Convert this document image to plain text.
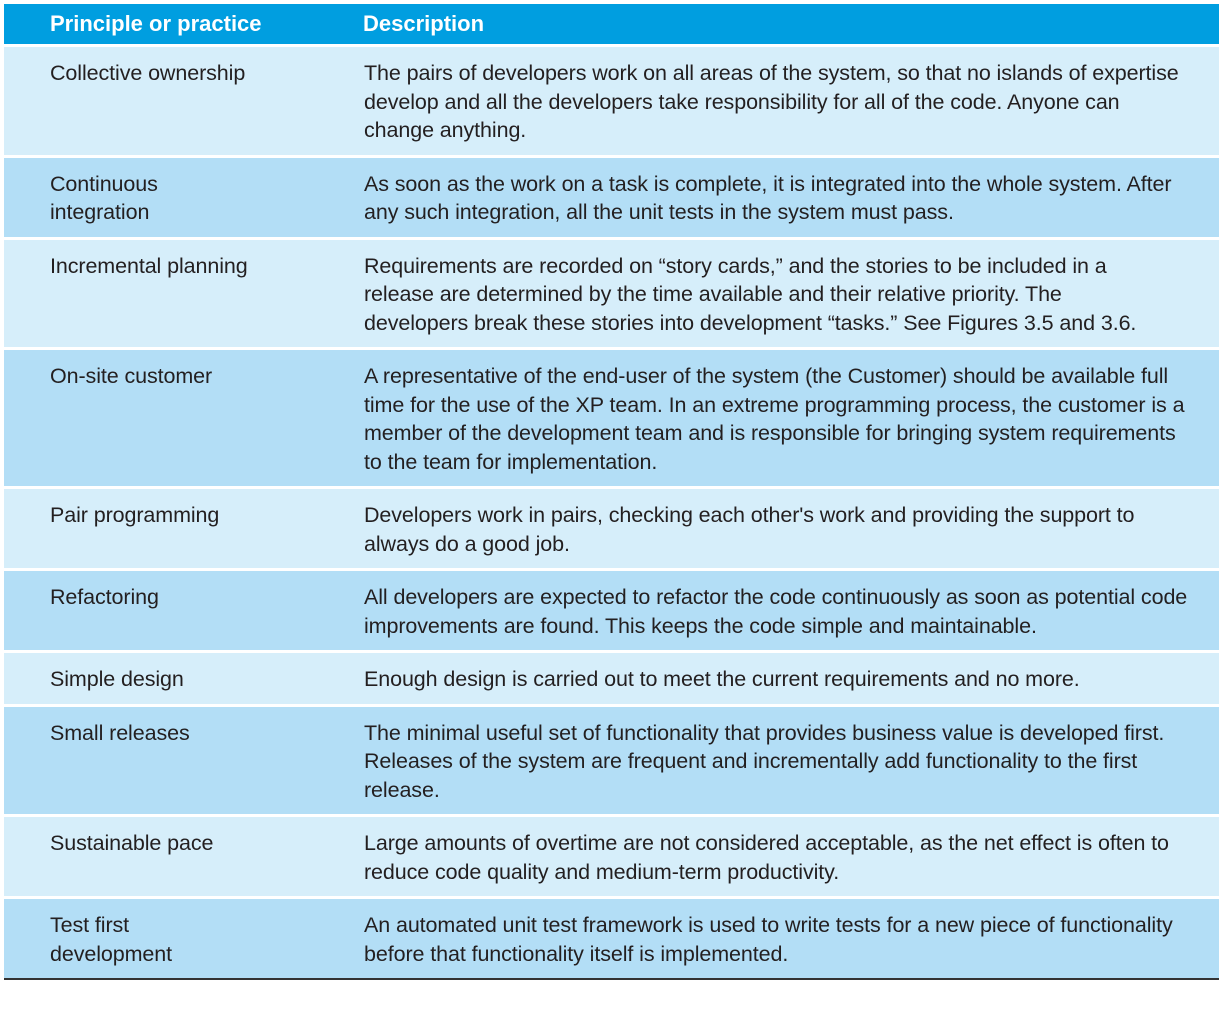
Principle or practice	Description
Collective ownership	The pairs of developers work on all areas of the system, so that no islands of expertise develop and all the developers take responsibility for all of the code. Anyone can change anything.
Continuous integration	As soon as the work on a task is complete, it is integrated into the whole system. After any such integration, all the unit tests in the system must pass.
Incremental planning	Requirements are recorded on “story cards,” and the stories to be included in a release are determined by the time available and their relative priority. The developers break these stories into development “tasks.” See Figures 3.5 and 3.6.
On-site customer	A representative of the end-user of the system (the Customer) should be available full time for the use of the XP team. In an extreme programming process, the customer is a member of the development team and is responsible for bringing system requirements to the team for implementation.
Pair programming	Developers work in pairs, checking each other's work and providing the support to always do a good job.
Refactoring	All developers are expected to refactor the code continuously as soon as potential code improvements are found. This keeps the code simple and maintainable.
Simple design	Enough design is carried out to meet the current requirements and no more.
Small releases	The minimal useful set of functionality that provides business value is developed first. Releases of the system are frequent and incrementally add functionality to the first release.
Sustainable pace	Large amounts of overtime are not considered acceptable, as the net effect is often to reduce code quality and medium-term productivity.
Test first development	An automated unit test framework is used to write tests for a new piece of functionality before that functionality itself is implemented.
